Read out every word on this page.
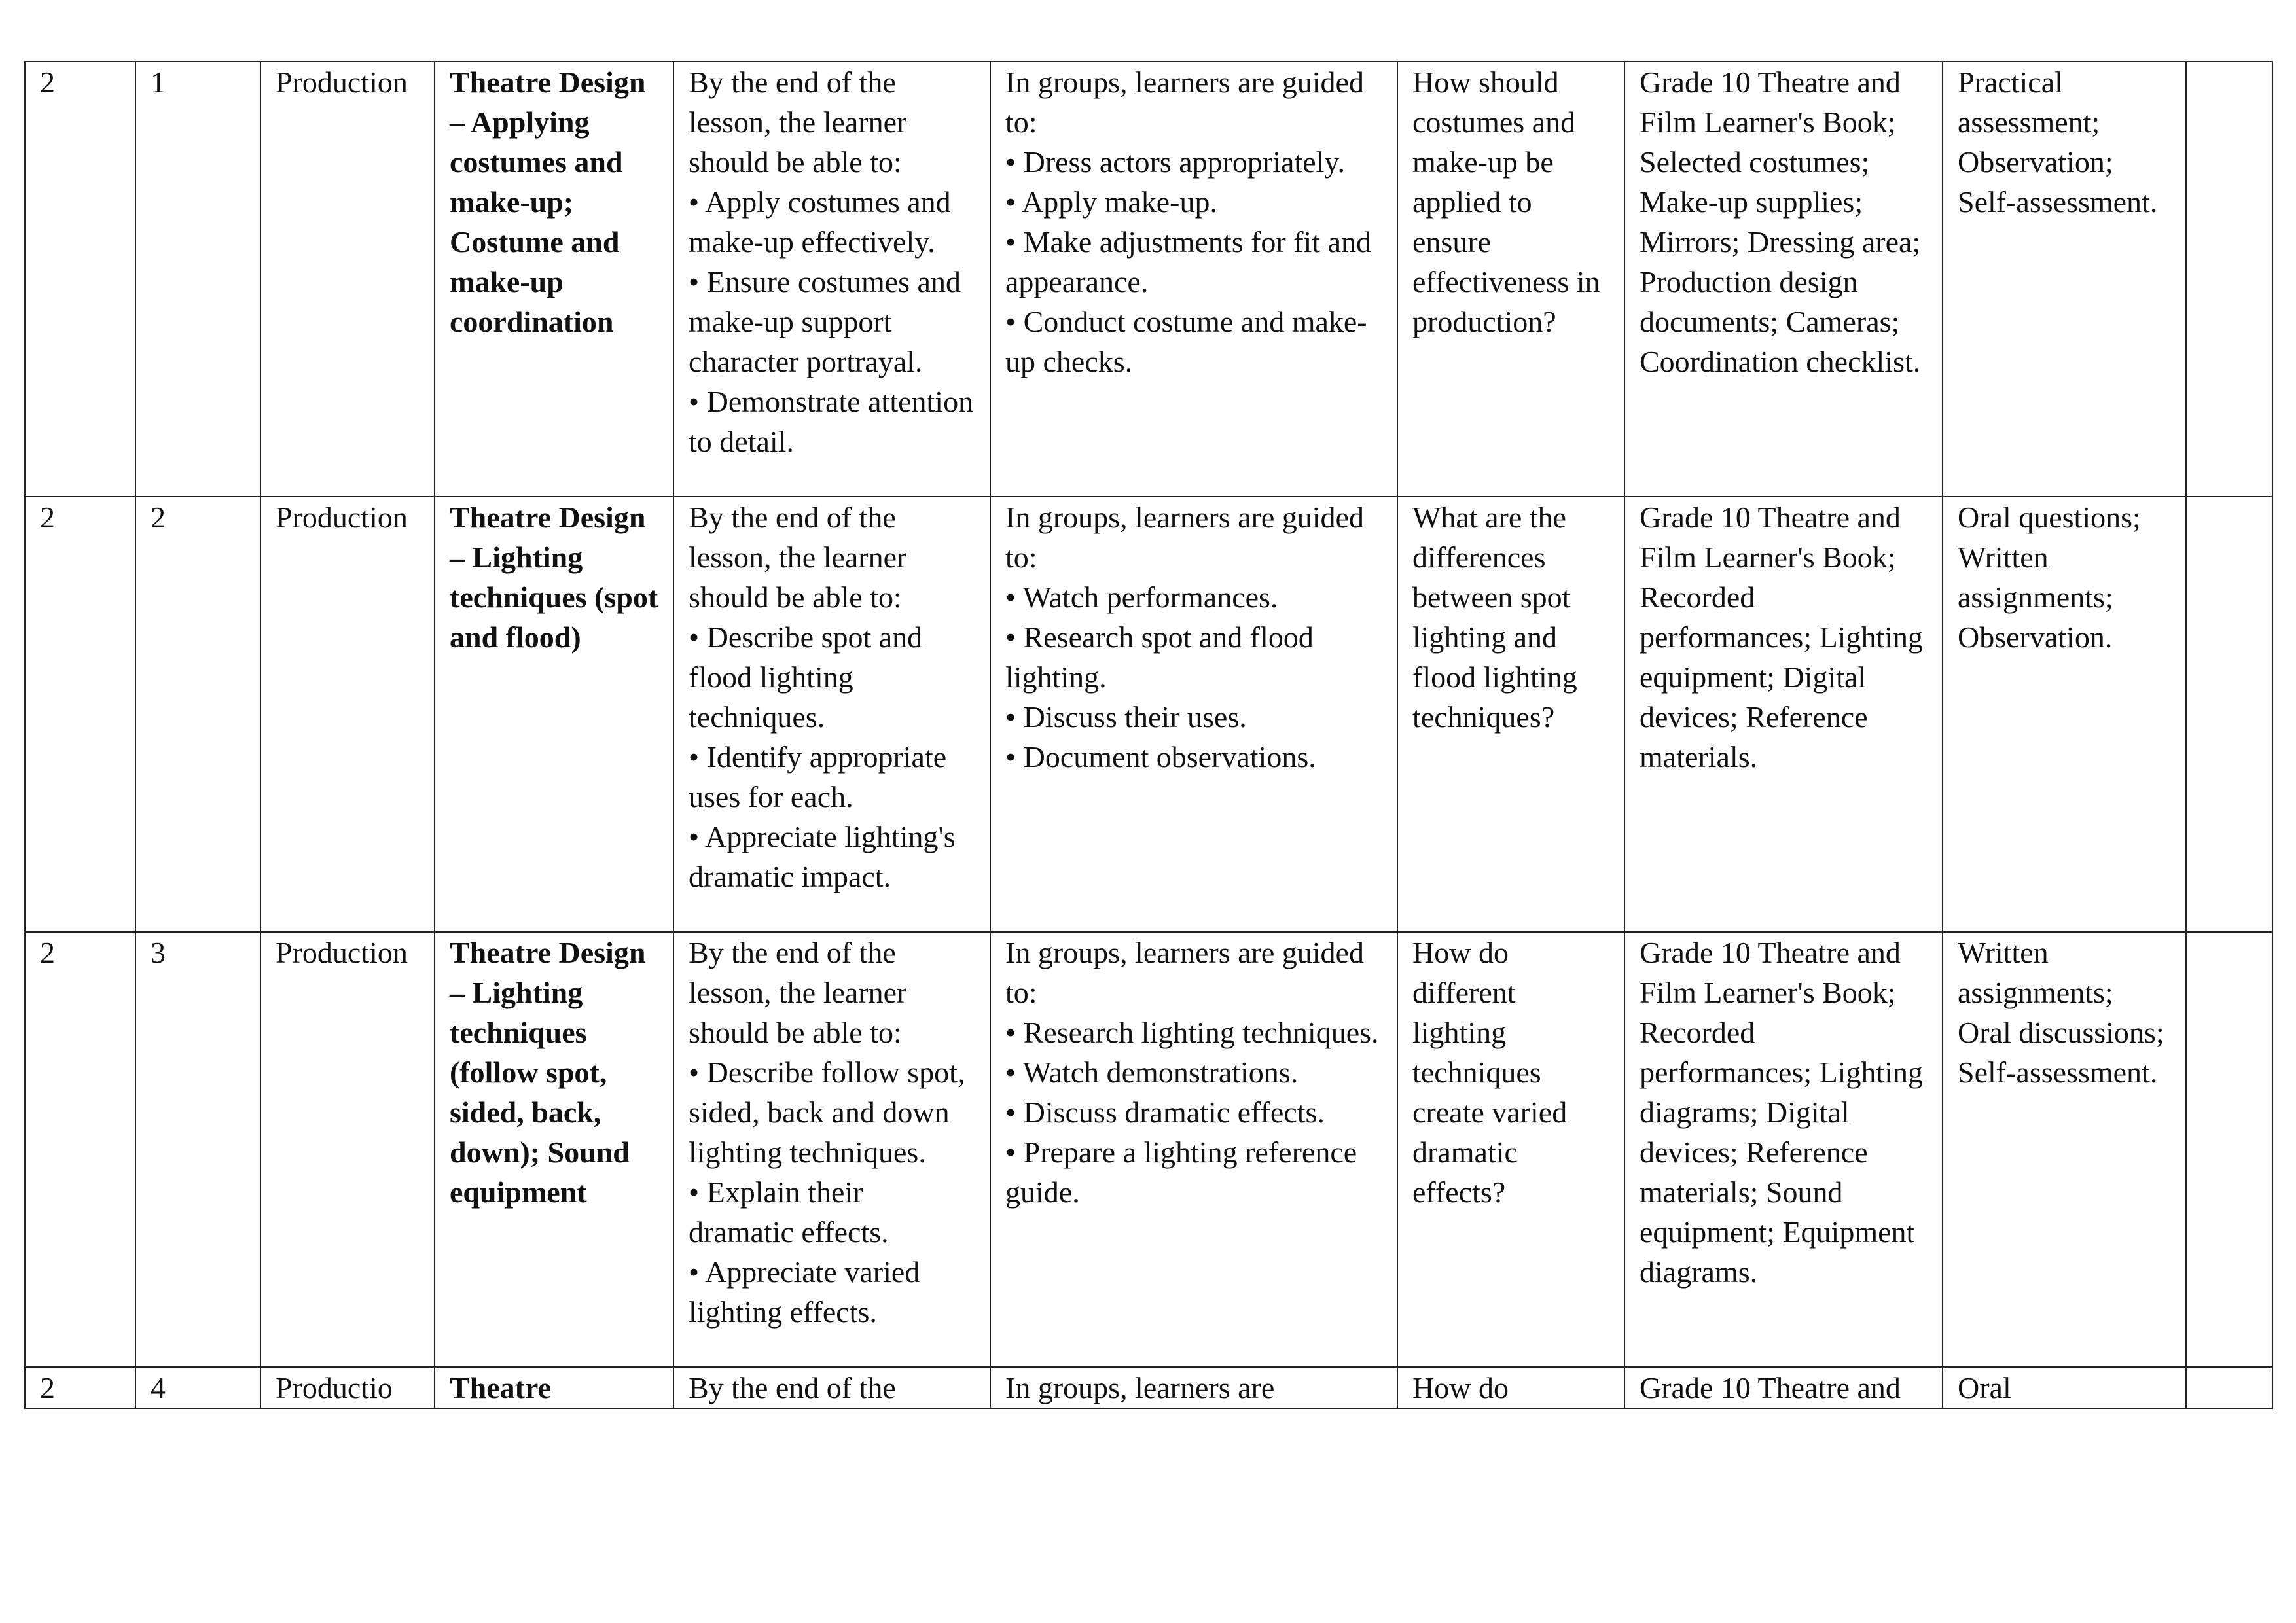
2	1	Production	Theatre Design – Applying costumes and make-up; Costume and make-up coordination	By the end of the lesson, the learner should be able to:
• Apply costumes and make-up effectively.
• Ensure costumes and make-up support character portrayal.
• Demonstrate attention to detail.	In groups, learners are guided to:
• Dress actors appropriately.
• Apply make-up.
• Make adjustments for fit and appearance.
• Conduct costume and make-up checks.	How should costumes and make-up be applied to ensure effectiveness in production?	Grade 10 Theatre and Film Learner's Book; Selected costumes; Make-up supplies; Mirrors; Dressing area; Production design documents; Cameras; Coordination checklist.	Practical assessment; Observation; Self-assessment.	
2	2	Production	Theatre Design – Lighting techniques (spot and flood)	By the end of the lesson, the learner should be able to:
• Describe spot and flood lighting techniques.
• Identify appropriate uses for each.
• Appreciate lighting's dramatic impact.	In groups, learners are guided to:
• Watch performances.
• Research spot and flood lighting.
• Discuss their uses.
• Document observations.	What are the differences between spot lighting and flood lighting techniques?	Grade 10 Theatre and Film Learner's Book; Recorded performances; Lighting equipment; Digital devices; Reference materials.	Oral questions; Written assignments; Observation.	
2	3	Production	Theatre Design – Lighting techniques (follow spot, sided, back, down); Sound equipment	By the end of the lesson, the learner should be able to:
• Describe follow spot, sided, back and down lighting techniques.
• Explain their dramatic effects.
• Appreciate varied lighting effects.	In groups, learners are guided to:
• Research lighting techniques.
• Watch demonstrations.
• Discuss dramatic effects.
• Prepare a lighting reference guide.	How do different lighting techniques create varied dramatic effects?	Grade 10 Theatre and Film Learner's Book; Recorded performances; Lighting diagrams; Digital devices; Reference materials; Sound equipment; Equipment diagrams.	Written assignments; Oral discussions; Self-assessment.	
2	4	Productio	Theatre	By the end of the	In groups, learners are	How do	Grade 10 Theatre and	Oral	
